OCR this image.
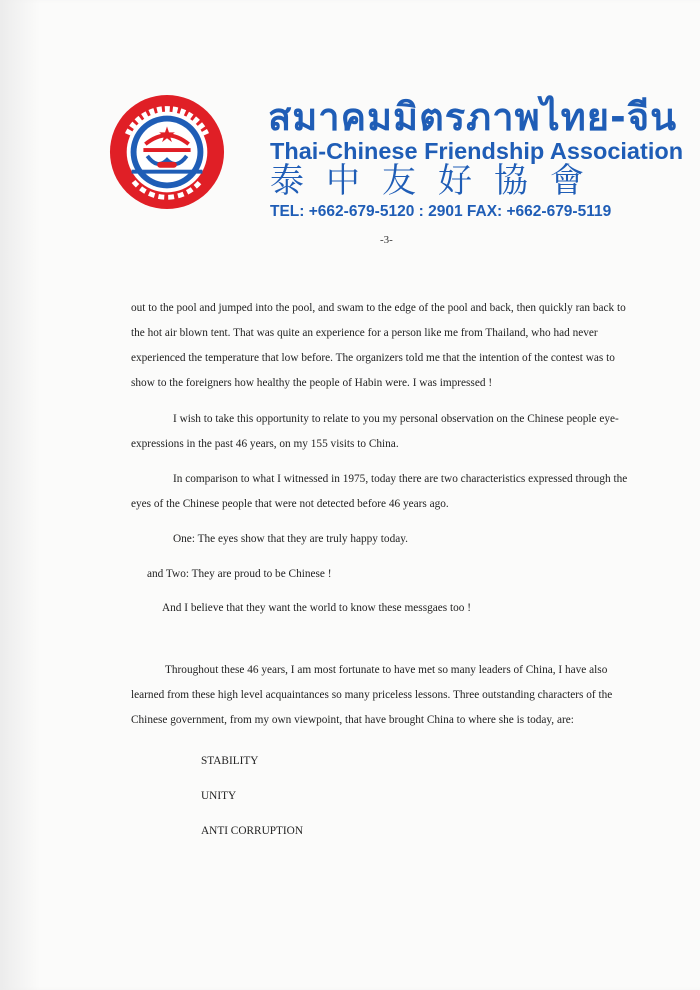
สมาคมมิตรภาพไทย-จีน
Thai-Chinese Friendship Association
泰中友好協會
TEL: +662-679-5120 : 2901 FAX: +662-679-5119
-3-
out to the pool and jumped into the pool, and swam to the edge of the pool and back, then quickly ran back to
the hot air blown tent. That was quite an experience for a person like me from Thailand, who had never
experienced the temperature that low before. The organizers told me that the intention of the contest was to
show to the foreigners how healthy the people of Habin were. I was impressed !
I wish to take this opportunity to relate to you my personal observation on the Chinese people eye-
expressions in the past 46 years, on my 155 visits to China.
In comparison to what I witnessed in 1975, today there are two characteristics expressed through the
eyes of the Chinese people that were not detected before 46 years ago.
One: The eyes show that they are truly happy today.
and Two: They are proud to be Chinese !
And I believe that they want the world to know these messgaes too !
Throughout these 46 years, I am most fortunate to have met so many leaders of China, I have also
learned from these high level acquaintances so many priceless lessons. Three outstanding characters of the
Chinese government, from my own viewpoint, that have brought China to where she is today, are:
STABILITY
UNITY
ANTI CORRUPTION
